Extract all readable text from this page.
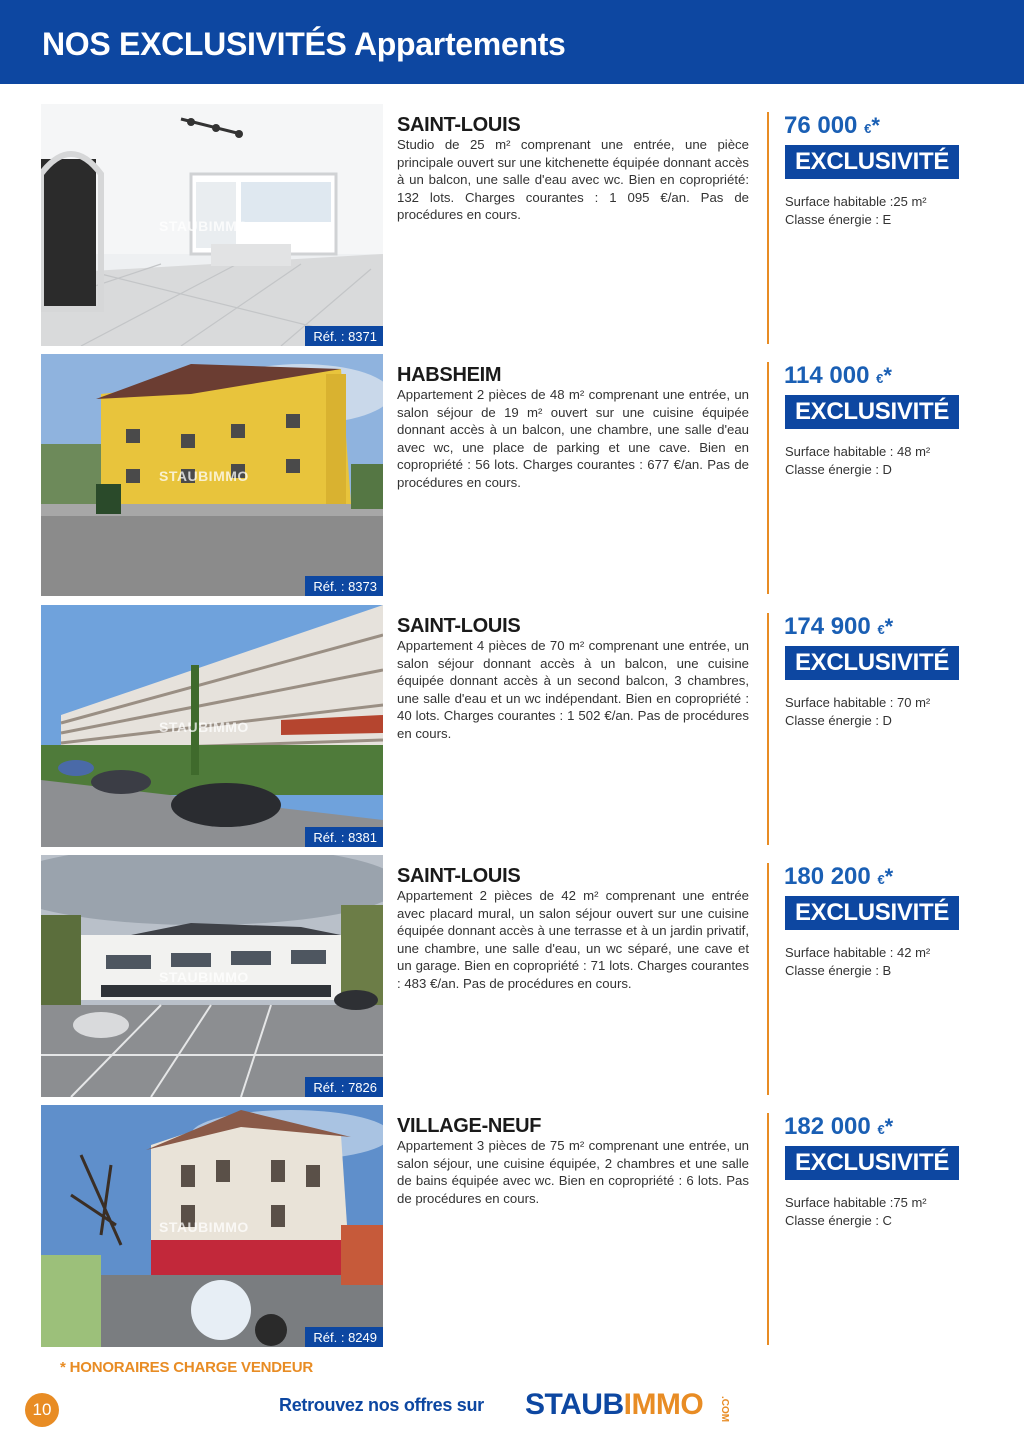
NOS EXCLUSIVITÉS Appartements
STAUBIMMO
Réf. : 8371
SAINT-LOUIS
Studio de 25 m² comprenant une entrée, une pièce principale ouvert sur une kitchenette équipée donnant accès à un balcon, une salle d'eau avec wc. Bien en copropriété: 132 lots. Charges courantes : 1 095 €/an. Pas de procédures en cours.
76 000 €*
EXCLUSIVITÉ
Surface habitable :25 m²
Classe énergie : E
STAUBIMMO
Réf. : 8373
HABSHEIM
Appartement 2 pièces de 48 m² comprenant une entrée, un salon séjour de 19 m² ouvert sur une cuisine équipée donnant accès à un balcon, une chambre, une salle d'eau avec wc, une place de parking et une cave. Bien en copropriété : 56 lots. Charges courantes : 677 €/an. Pas de procédures en cours.
114 000 €*
EXCLUSIVITÉ
Surface habitable : 48 m²
Classe énergie : D
STAUBIMMO
Réf. : 8381
SAINT-LOUIS
Appartement 4 pièces de 70 m² comprenant une entrée, un salon séjour donnant accès à un balcon, une cuisine équipée donnant accès à un second balcon, 3 chambres, une salle d'eau et un wc indépendant. Bien en copropriété : 40 lots. Charges courantes : 1 502 €/an. Pas de procédures en cours.
174 900 €*
EXCLUSIVITÉ
Surface habitable : 70 m²
Classe énergie : D
STAUBIMMO
Réf. : 7826
SAINT-LOUIS
Appartement 2 pièces de 42 m² comprenant une entrée avec placard mural, un salon séjour ouvert sur une cuisine équipée donnant accès à une terrasse et à un jardin privatif, une chambre, une salle d'eau, un wc séparé, une cave et un garage. Bien en copropriété : 71 lots. Charges courantes : 483 €/an. Pas de procédures en cours.
180 200 €*
EXCLUSIVITÉ
Surface habitable : 42 m²
Classe énergie : B
STAUBIMMO
Réf. : 8249
VILLAGE-NEUF
Appartement 3 pièces de 75 m² comprenant une entrée, un salon séjour, une cuisine équipée, 2 chambres et une salle de bains équipée avec wc. Bien en copropriété : 6 lots. Pas de procédures en cours.
182 000 €*
EXCLUSIVITÉ
Surface habitable :75 m²
Classe énergie : C
* HONORAIRES CHARGE VENDEUR
10	Retrouvez nos offres sur STAUBIMMO .COM
